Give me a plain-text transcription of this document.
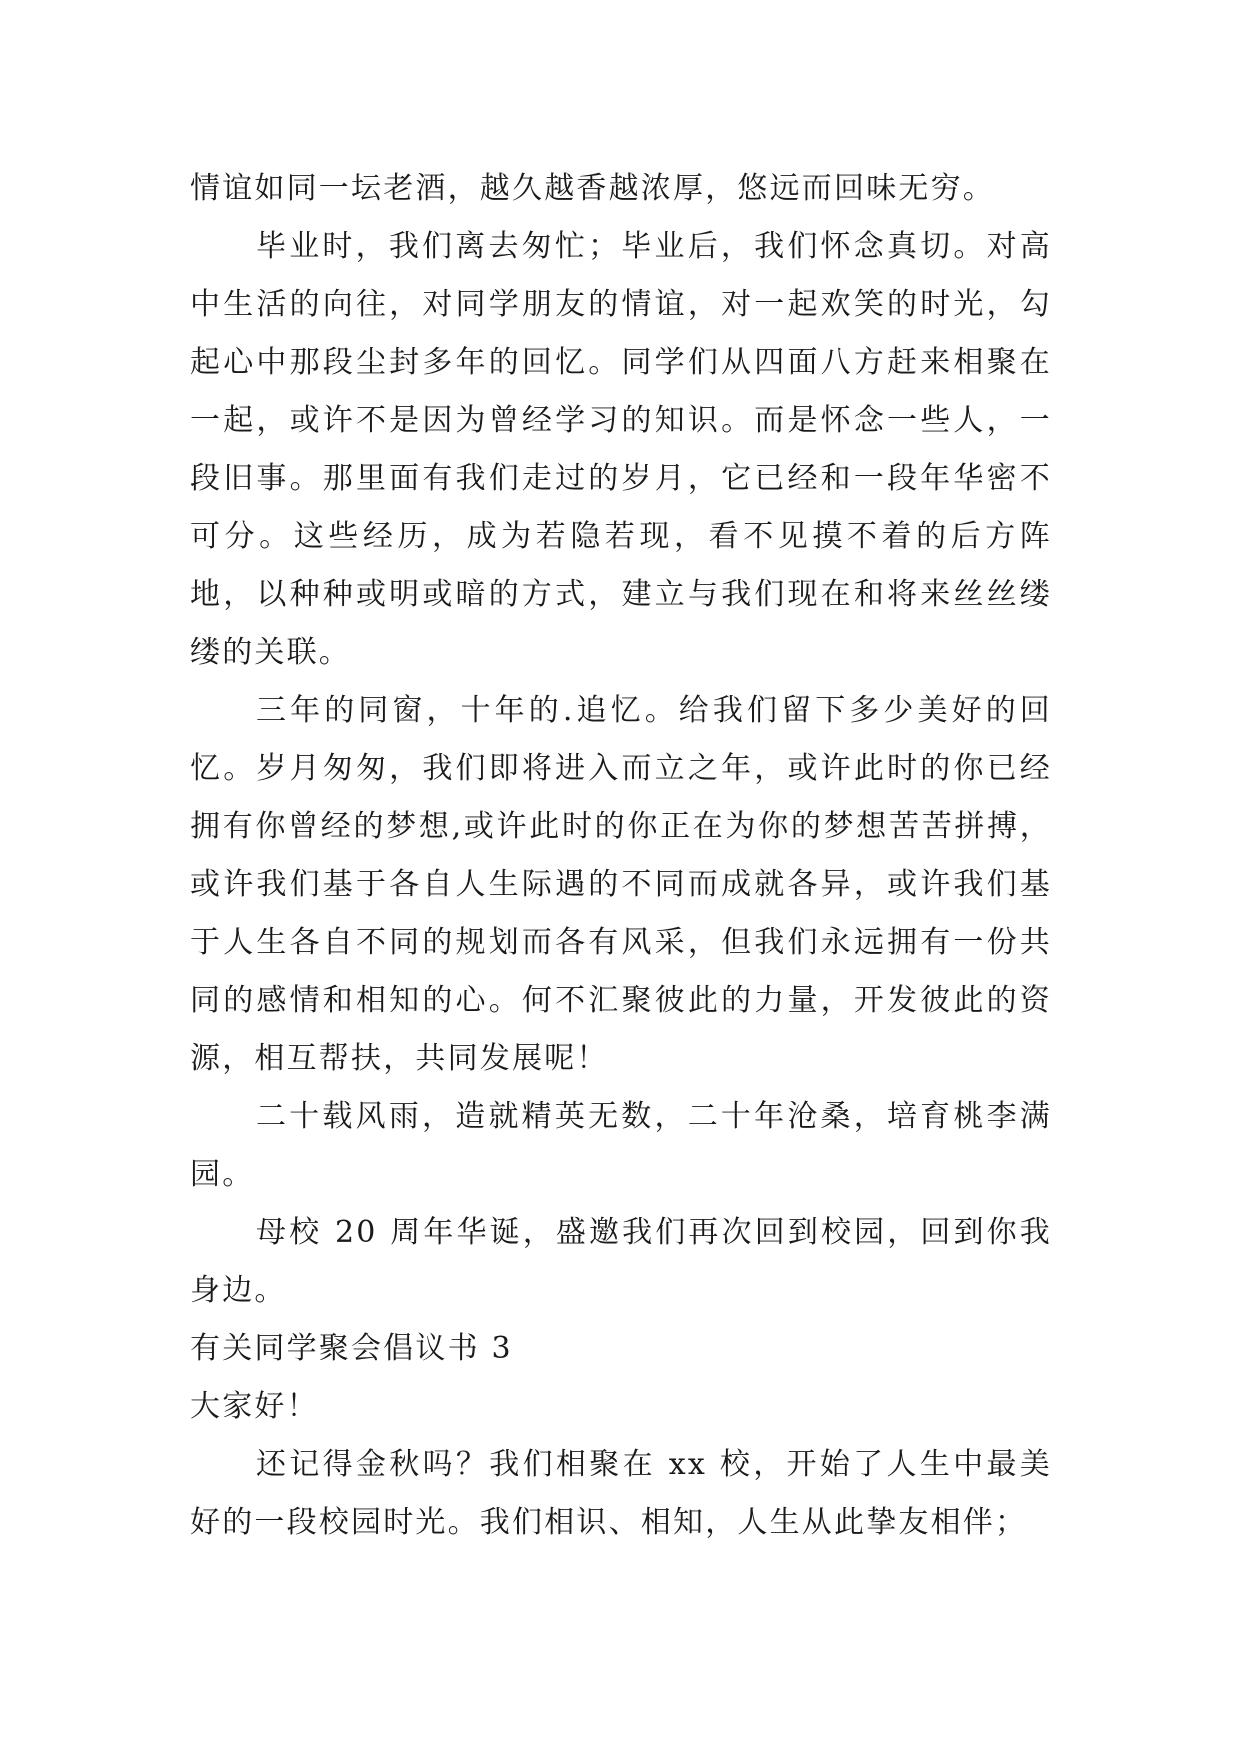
情谊如同一坛老酒，越久越香越浓厚，悠远而回味无穷。

毕业时，我们离去匆忙；毕业后，我们怀念真切。对高中生活的向往，对同学朋友的情谊，对一起欢笑的时光，勾起心中那段尘封多年的回忆。同学们从四面八方赶来相聚在一起，或许不是因为曾经学习的知识。而是怀念一些人，一段旧事。那里面有我们走过的岁月，它已经和一段年华密不可分。这些经历，成为若隐若现，看不见摸不着的后方阵地，以种种或明或暗的方式，建立与我们现在和将来丝丝缕缕的关联。

三年的同窗，十年的.追忆。给我们留下多少美好的回忆。岁月匆匆，我们即将进入而立之年，或许此时的你已经拥有你曾经的梦想,或许此时的你正在为你的梦想苦苦拼搏，或许我们基于各自人生际遇的不同而成就各异，或许我们基于人生各自不同的规划而各有风采，但我们永远拥有一份共同的感情和相知的心。何不汇聚彼此的力量，开发彼此的资源，相互帮扶，共同发展呢！

二十载风雨，造就精英无数，二十年沧桑，培育桃李满园。

母校 20 周年华诞，盛邀我们再次回到校园，回到你我身边。

有关同学聚会倡议书 3

大家好！

还记得金秋吗？我们相聚在 xx 校，开始了人生中最美好的一段校园时光。我们相识、相知，人生从此挚友相伴；
